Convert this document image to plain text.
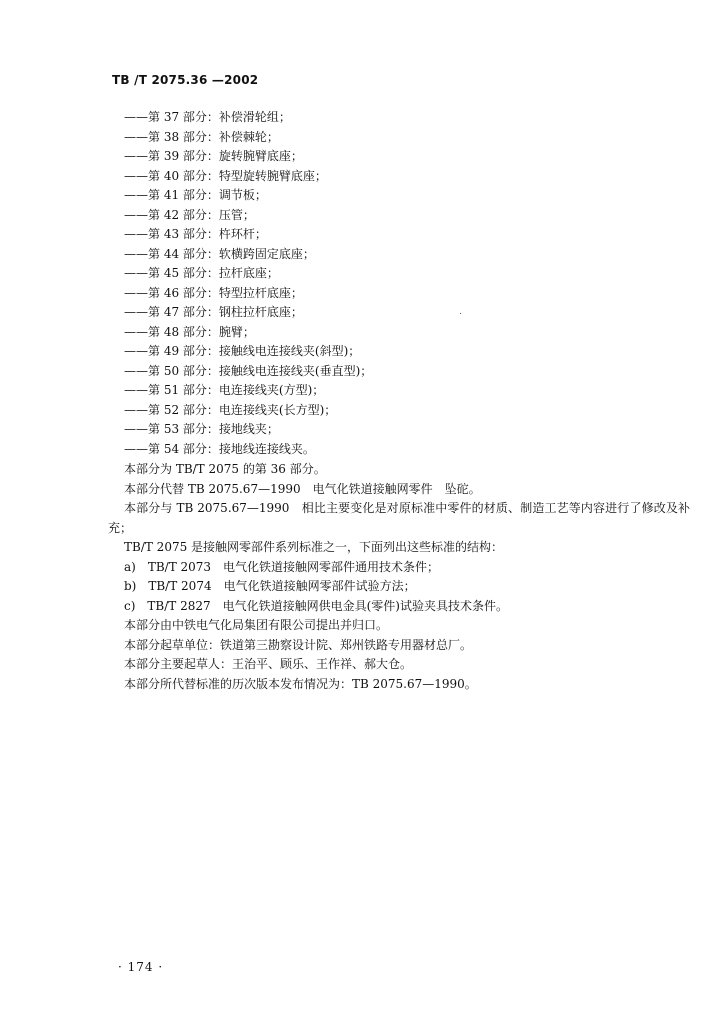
TB /T 2075.36 —2002
——第 37 部分：补偿滑轮组；
——第 38 部分：补偿棘轮；
——第 39 部分：旋转腕臂底座；
——第 40 部分：特型旋转腕臂底座；
——第 41 部分：调节板；
——第 42 部分：压管；
——第 43 部分：杵环杆；
——第 44 部分：软横跨固定底座；
——第 45 部分：拉杆底座；
——第 46 部分：特型拉杆底座；
——第 47 部分：钢柱拉杆底座；
——第 48 部分：腕臂；
——第 49 部分：接触线电连接线夹(斜型)；
——第 50 部分：接触线电连接线夹(垂直型)；
——第 51 部分：电连接线夹(方型)；
——第 52 部分：电连接线夹(长方型)；
——第 53 部分：接地线夹；
——第 54 部分：接地线连接线夹。
本部分为 TB/T 2075 的第 36 部分。
本部分代替 TB 2075.67—1990　电气化铁道接触网零件　坠砣。
本部分与 TB 2075.67—1990　相比主要变化是对原标准中零件的材质、制造工艺等内容进行了修改及补充；
TB/T 2075 是接触网零部件系列标准之一，下面列出这些标准的结构：
a)　TB/T 2073　电气化铁道接触网零部件通用技术条件；
b)　TB/T 2074　电气化铁道接触网零部件试验方法；
c)　TB/T 2827　电气化铁道接触网供电金具(零件)试验夹具技术条件。
本部分由中铁电气化局集团有限公司提出并归口。
本部分起草单位：铁道第三勘察设计院、郑州铁路专用器材总厂。
本部分主要起草人：王治平、顾乐、王作祥、郝大仓。
本部分所代替标准的历次版本发布情况为：TB 2075.67—1990。
· 174 ·
